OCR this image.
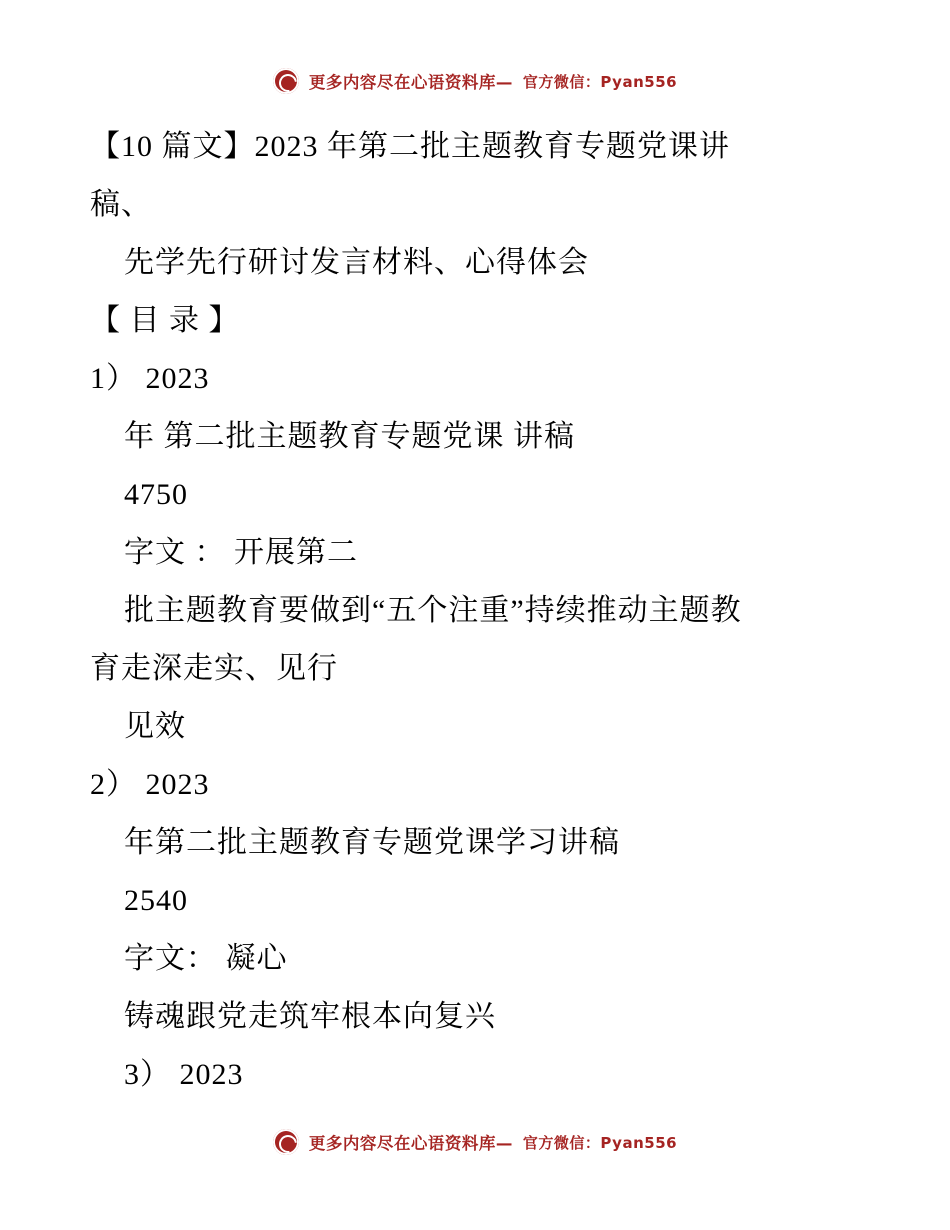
更多内容尽在心语资料库— 官方微信：Pyan556

【10 篇文】2023 年第二批主题教育专题党课讲

稿、

先学先行研讨发言材料、心得体会

【 目 录 】

1） 2023

年 第二批主题教育专题党课 讲稿

4750

字文 ： 开展第二

批主题教育要做到“五个注重”持续推动主题教

育走深走实、见行

见效

2） 2023

年第二批主题教育专题党课学习讲稿

2540

字文： 凝心

铸魂跟党走筑牢根本向复兴

3） 2023

更多内容尽在心语资料库— 官方微信：Pyan556
